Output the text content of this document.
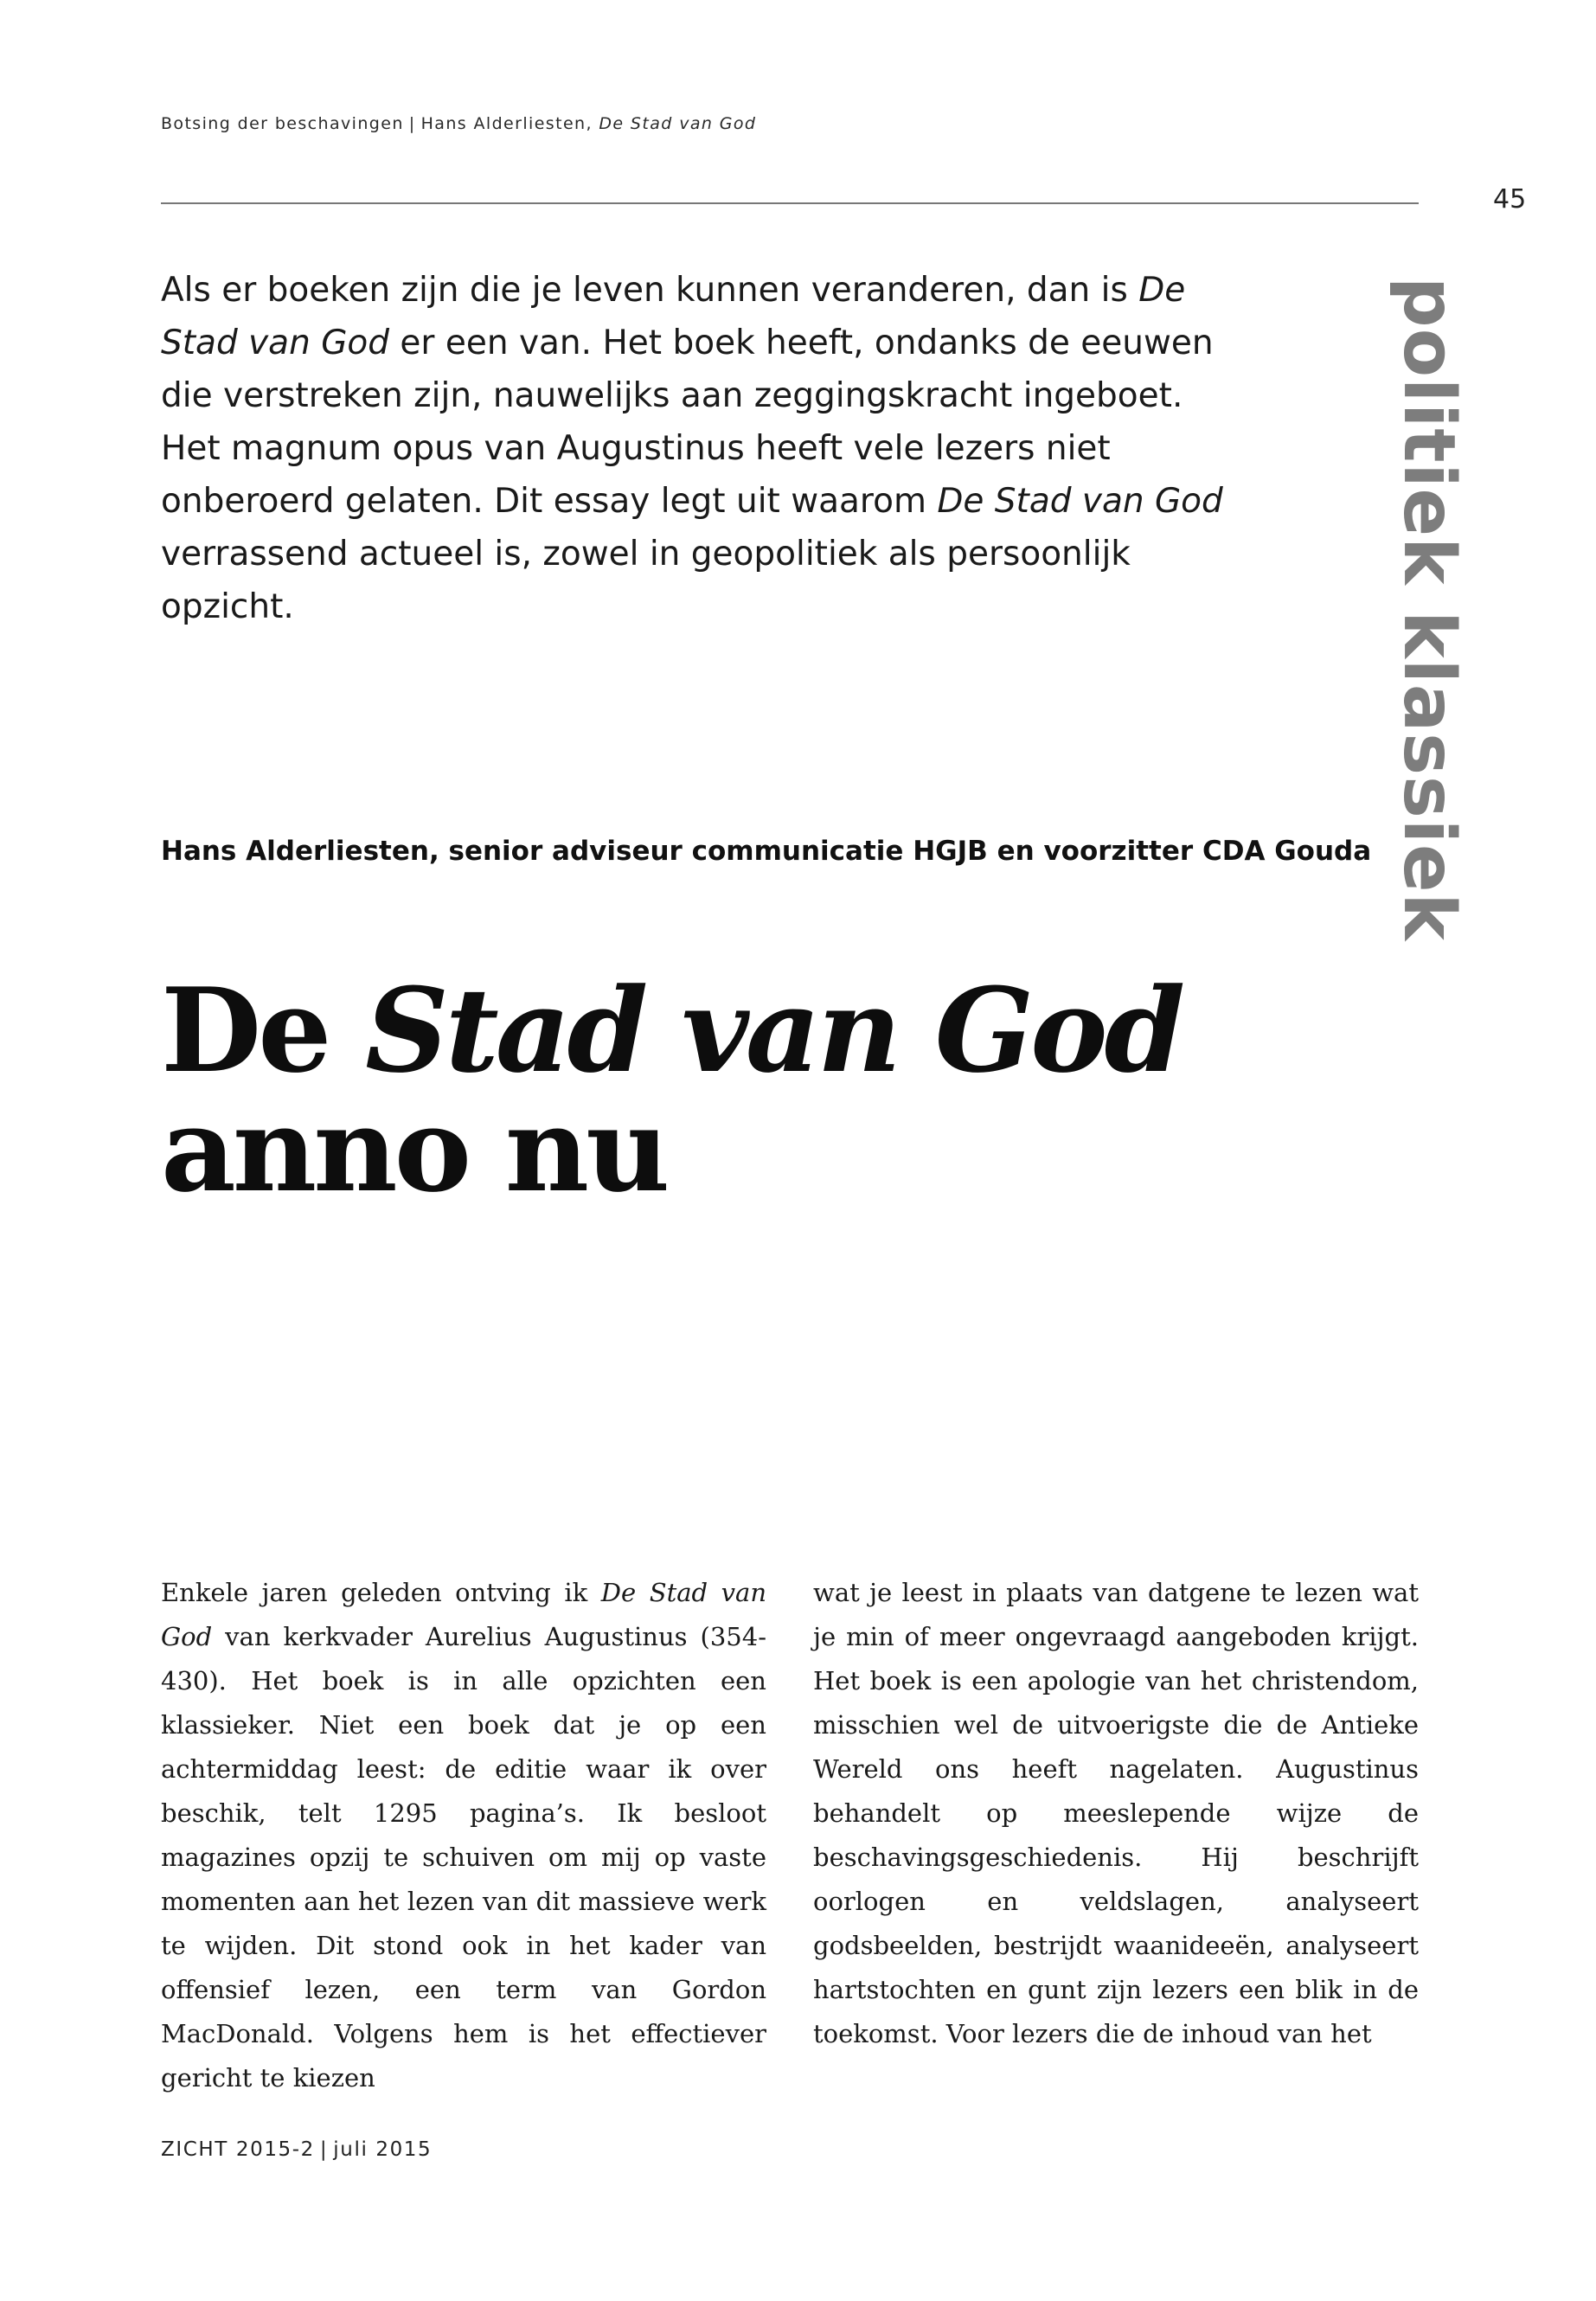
Botsing der beschavingen | Hans Alderliesten, De Stad van God
45
politiek klassiek

Als er boeken zijn die je leven kunnen veranderen, dan is De Stad van God er een van. Het boek heeft, ondanks de eeuwen die verstreken zijn, nauwelijks aan zeggingskracht ingeboet. Het magnum opus van Augustinus heeft vele lezers niet onberoerd gelaten. Dit essay legt uit waarom De Stad van God verrassend actueel is, zowel in geopolitiek als persoonlijk opzicht.

Hans Alderliesten, senior adviseur communicatie HGJB en voorzitter CDA Gouda
De Stad van God
anno nu

Enkele jaren geleden ontving ik De Stad van God van kerkvader Aurelius Augustinus (354-430). Het boek is in alle opzichten een klassieker. Niet een boek dat je op een achtermiddag leest: de editie waar ik over beschik, telt 1295 pagina’s. Ik besloot magazines opzij te schuiven om mij op vaste momenten aan het lezen van dit massieve werk te wijden. Dit stond ook in het kader van offensief lezen, een term van Gordon MacDonald. Volgens hem is het effectiever gericht te kiezen

wat je leest in plaats van datgene te lezen wat je min of meer ongevraagd aangeboden krijgt. Het boek is een apologie van het christendom, misschien wel de uitvoerigste die de Antieke Wereld ons heeft nagelaten. Augustinus behandelt op meeslepende wijze de beschavingsgeschiedenis. Hij beschrijft oorlogen en veldslagen, analyseert godsbeelden, bestrijdt waanideeën, analyseert hartstochten en gunt zijn lezers een blik in de toekomst. Voor lezers die de inhoud van het

ZICHT 2015-2 | juli 2015
